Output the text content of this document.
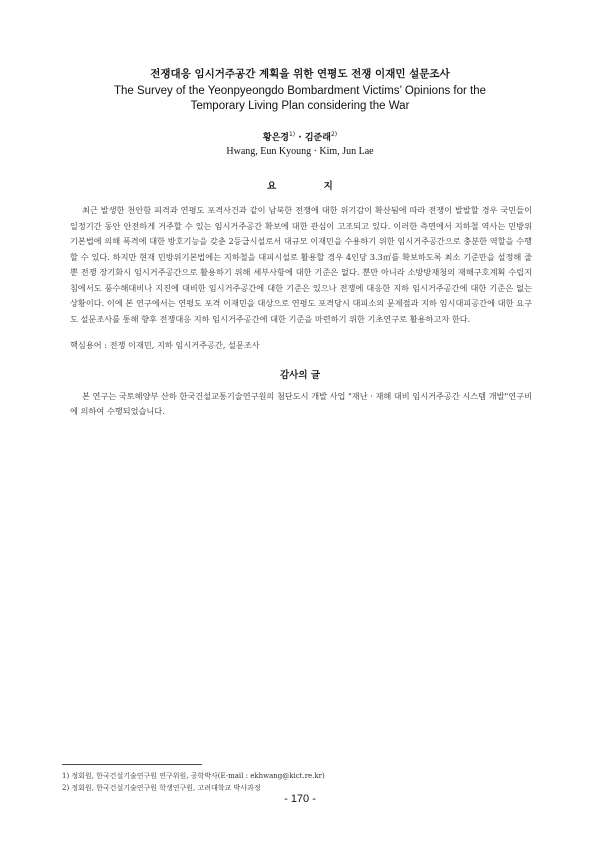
전쟁대응 임시거주공간 계획을 위한 연평도 전쟁 이재민 설문조사
The Survey of the Yeonpyeongdo Bombardment Victims’ Opinions for the
Temporary Living Plan considering the War
황은경$^{1)}$ · 김준래$^{2)}$
Hwang, Eun Kyoung · Kim, Jun Lae
요 지

최근 발생한 천안함 피격과 연평도 포격사건과 같이 남북한 전쟁에 대한 위기감이 확산됨에 따라 전쟁이 발발할 경우 국민들이 일정기간 동안 안전하게 거주할 수 있는 임시거주공간 확보에 대한 관심이 고조되고 있다. 이러한 측면에서 지하철 역사는 민방위기본법에 의해 폭격에 대한 방호기능을 갖춘 2등급시설로서 대규모 이재민을 수용하기 위한 임시거주공간으로 충분한 역할을 수행할 수 있다. 하지만 현재 민방위기본법에는 지하철을 대피시설로 활용할 경우 4인당 3.3㎡를 확보하도록 최소 기준만을 설정해 줄 뿐 전쟁 장기화시 임시거주공간으로 활용하기 위해 세부사항에 대한 기준은 없다. 뿐만 아니라 소방방재청의 재해구호계획 수립지침에서도 풍수해대비나 지진에 대비한 임시거주공간에 대한 기준은 있으나 전쟁에 대응한 지하 임시거주공간에 대한 기준은 없는 상황이다. 이에 본 연구에서는 연평도 포격 이재민을 대상으로 연평도 포격당시 대피소의 문제점과 지하 임시대피공간에 대한 요구도 설문조사를 통해 향후 전쟁대응 지하 임시거주공간에 대한 기준을 마련하기 위한 기초연구로 활용하고자 한다.

핵심용어 : 전쟁 이재민, 지하 임시거주공간, 설문조사
감사의 글

본 연구는 국토해양부 산하 한국건설교통기술연구원의 첨단도시 개발 사업 "재난 · 재해 대비 임시거주공간 시스템 개발"연구비에 의하여 수행되었습니다.

1) 정회원, 한국건설기술연구원 연구위원, 공학박사(E-mail : ekhwang@kict.re.kr)
2) 정회원, 한국건설기술연구원 학생연구원, 고려대학교 박사과정
- 170 -
